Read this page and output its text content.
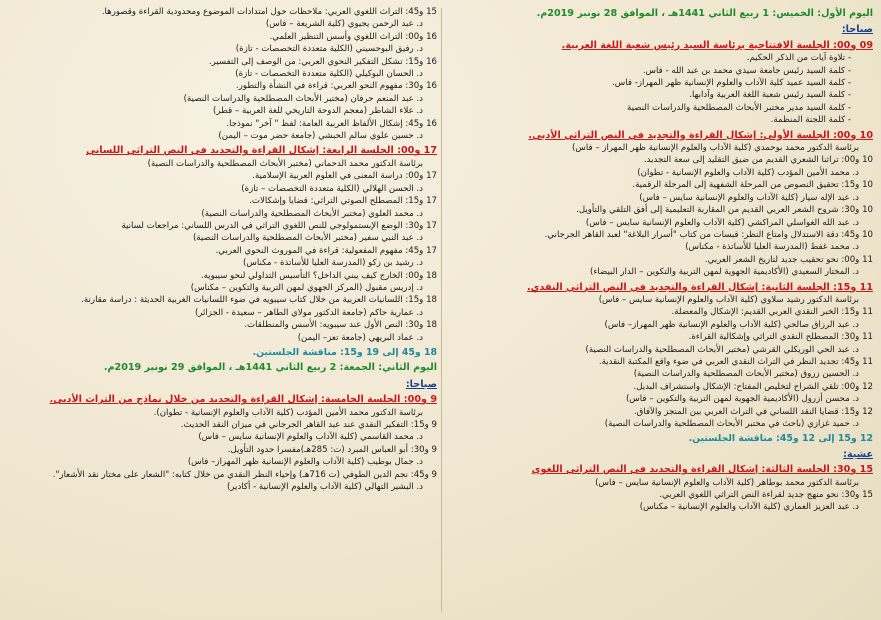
اليوم الأول: الخميس: 1 ربيع الثاني 1441هـ ، الموافق 28 نونبر 2019م.
صباحا:
09 و00: الجلسة الافتتاحية برئاسة السيد رئيس شعبة اللغة العربية.
- تلاوة آيات من الذكر الحكيم.
- كلمة السيد رئيس جامعة سيدي محمد بن عبد الله - فاس.
- كلمة السيد عميد كلية الآداب والعلوم الإنسانية ظهر المهراز- فاس.
- كلمة السيد رئيس شعبة اللغة العربية وآدابها.
- كلمة السيد مدير مختبر الأبحاث المصطلحية والدراسات النصية
- كلمة اللجنة المنظمة.
10 و00: الجلسة الأولى: إشكال القراءة والتجديد في النص التراثي الأدبي.
برئاسة الدكتور محمد بوحمدي (كلية الآداب والعلوم الإنسانية ظهر المهراز – فاس)
10 و00: تراثنا الشعري القديم من ضيق التقليد إلى سعة التجديد.
د. محمد الأمين المؤدب (كلية الآداب والعلوم الإنسانية - تطوان)
10 و15: تحقيق النصوص من المرحلة الشفهية إلى المرحلة الرقمية.
د. عبد الإله سيار (كلية الآداب والعلوم الإنسانية سايس – فاس)
10 و30: شروح الشعر العربي القديم من المقاربة التعليمية إلى أفق التلقي والتأويل.
د. عبد الله الغواسلي المراكشي (كلية الآداب والعلوم الإنسانية سايس – فاس)
10 و45: دقة الاستدلال وامتاع النظر: قبسات من كتاب "أسرار البلاغة" لعبد القاهر الجرجاني.
د. محمد غفط (المدرسة العليا للأساتذة - مكناس)
11 و00: نحو تحقيب جديد لتاريخ الشعر العربي.
د. المختار السعيدي (الأكاديمية الجهوية لمهن التربية والتكوين – الدار البيضاء)
11 و15: الجلسة الثانية: إشكال القراءة والتجديد في النص التراثي النقدي.
برئاسة الدكتور رشيد سلاوي (كلية الآداب والعلوم الإنسانية سايس – فاس)
11 و15: الخبر النقدي العربي القديم: الإشكال والمعضلة.
د. عبد الرزاق صالحي (كلية الآداب والعلوم الإنسانية ظهر المهراز– فاس)
11 و30: المصطلح النقدي التراثي وإشكالية القراءة.
د. عبد الحي الوريكلي القرشي (مختبر الأبحاث المصطلحية والدراسات النصية)
11 و45: تجديد النظر في التراث النقدي العربي في ضوء واقع المكتبة النقدية.
د. الحسين زروق (مختبر الأبحاث المصطلحية والدراسات النصية)
12 و00: تلقي الشراح لتخليص المفتاح: الإشكال واستشراف البديل.
د. محسن أزرول (الأكاديمية الجهوية لمهن التربية والتكوين – فاس)
12 و15: قضايا النقد اللساني في التراث العربي بين المنجز والآفاق.
د. حميد غزازي (باحث في مختبر الأبحاث المصطلحية والدراسات النصية)
12 و15 إلى 12 و45: مناقشة الجلستين.
عشية:
15 و30: الجلسة الثالثة: إشكال القراءة والتجديد في النص التراثي اللغوي
برئاسة الدكتور محمد بوطاهر (كلية الآداب والعلوم الإنسانية سايس – فاس)
15 و30: نحو منهج جديد لقراءة النص التراثي اللغوي العربي.
د. عبد العزيز العماري (كلية الآداب والعلوم الإنسانية – مكناس)
15 و45: التراث اللغوي العربي: ملاحظات حول امتدادات الموضوع ومحدودية القراءة وقصورها.
د. عبد الرحمن يجيوي (كلية الشريعة – فاس)
16 و00: التراث اللغوي وأسس التنظير العلمي.
د. رفيق البوحسيني (الكلية متعددة التخصصات - تازة)
16 و15: تشكل التفكير النحوي العربي: من الوصف إلى التفسير.
د. الحسان البوكيلي (الكلية متعددة التخصصات - تازة)
16 و30: مفهوم النحو العربي: قراءة في النشأة والتطور.
د. عبد المنعم حرفان (مختبر الأبحاث المصطلحية والدراسات النصية)
د. علاء الشاطر (معجم الدوحة التاريخي للغة العربية – قطر)
16 و45: إشكال الألفاظ العربية العامة: لفظ " آخر" نموذجا.
د. حسين علوي سالم الحبشي (جامعة حضر موت – اليمن)
17 و00: الجلسة الرابعة: إشكال القراءة والتجديد في النص التراثي اللساني
برئاسة الدكتور محمد الدحماني (مختبر الأبحاث المصطلحية والدراسات النصية)
17 و00: دراسة المعنى في العلوم العربية الإسلامية.
د. الحسن الهلالي (الكلية متعددة التخصصات – تازة)
17 و15: المصطلح الصوتي التراثي: قضايا وإشكالات.
د. محمد العلوي (مختبر الأبحاث المصطلحية والدراسات النصية)
17 و30: الوضع الإبستمولوجي للنص اللغوي التراثي في الدرس اللساني: مراجعات لسانية
د. عبد النبي سفير (مختبر الأبحاث المصطلحية والدراسات النصية)
17 و45: مفهوم المفعولية: قراءة في الموروث النحوي العربي.
د. رشيد بن زكو (المدرسة العليا للأساتذة - مكناس)
18 و00: الخارج كيف يبني الداخل؟ التأسيس التداولي لنحو سيبويه.
د. إدريس مقبول (المركز الجهوي لمهن التربية والتكوين – مكناس)
18 و15: اللسانيات العربية من خلال كتاب سيبويه في ضوء اللسانيات الغربية الحديثة : دراسة مقارنة.
د. عمارية حاكم (جامعة الدكتور مولاي الطاهر – سعيدة - الجزائر)
18 و30: النص الأول عند سيبويه: الأسس والمنطلقات.
د. عماد البريهي (جامعة تعز– اليمن)
18 و45 إلى 19 و15: مناقشة الجلستين.
اليوم الثاني: الجمعة: 2 ربيع الثاني 1441هـ ، الموافق 29 نونبر 2019م.
صباحا:
9 و00: الجلسة الخامسة: إشكال القراءة والتجديد من خلال نماذج من التراث الأدبي.
برئاسة الدكتور محمد الأمين المؤدب (كلية الآداب والعلوم الإنسانية - تطوان).
9 و15: التفكير النقدي عند عبد القاهر الجرجاني في ميزان النقد الحديث.
د. محمد القاسمي (كلية الآداب والعلوم الإنسانية سايس – فاس)
9 و30: أبو العباس المبرد (ت: 285هـ)مفسرا حدود التأويل.
د. جمال بوطيب (كلية الآداب والعلوم الإنسانية ظهر المهراز– فاس)
9 و45: نجم الدين الطوفي (ت 716هـ) وإحياء النظر النقدي من خلال كتابه: "الشعار على مختار نقد الأشعار".
د. البشير التهالي (كلية الآداب والعلوم الإنسانية - أكادير)
